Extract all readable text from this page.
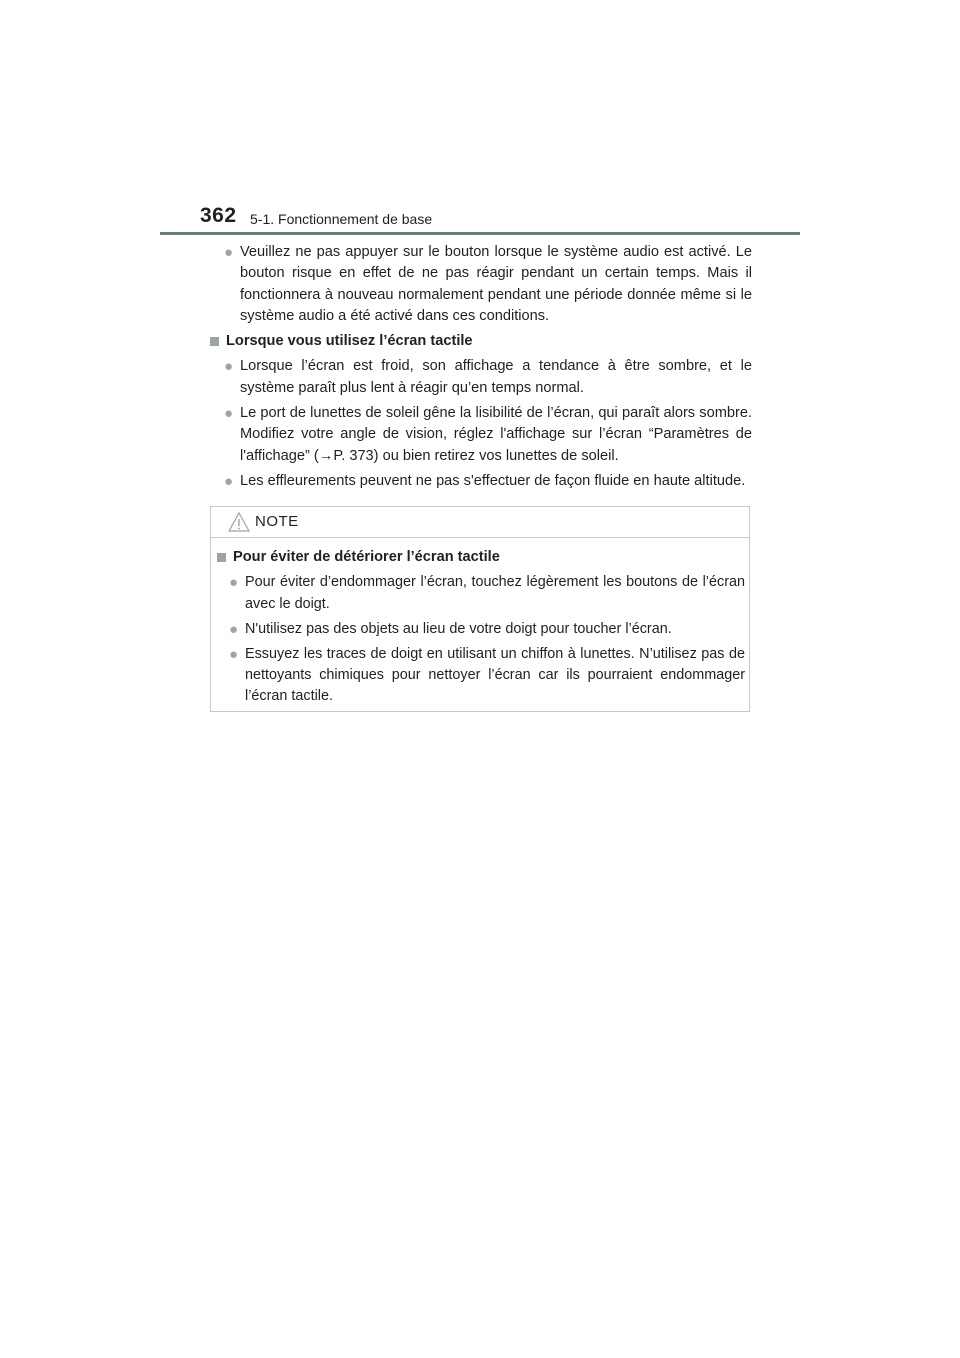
362 5-1. Fonctionnement de base
● Veuillez ne pas appuyer sur le bouton lorsque le système audio est activé. Le bouton risque en effet de ne pas réagir pendant un certain temps. Mais il fonctionnera à nouveau normalement pendant une période donnée même si le système audio a été activé dans ces conditions.
Lorsque vous utilisez l’écran tactile
● Lorsque l’écran est froid, son affichage a tendance à être sombre, et le système paraît plus lent à réagir qu’en temps normal.
● Le port de lunettes de soleil gêne la lisibilité de l’écran, qui paraît alors sombre. Modifiez votre angle de vision, réglez l'affichage sur l’écran “Paramètres de l'affichage” (→P. 373) ou bien retirez vos lunettes de soleil.
● Les effleurements peuvent ne pas s'effectuer de façon fluide en haute altitude.
NOTE
Pour éviter de détériorer l’écran tactile
● Pour éviter d’endommager l’écran, touchez légèrement les boutons de l’écran avec le doigt.
● N'utilisez pas des objets au lieu de votre doigt pour toucher l’écran.
● Essuyez les traces de doigt en utilisant un chiffon à lunettes. N’utilisez pas de nettoyants chimiques pour nettoyer l’écran car ils pourraient endommager l’écran tactile.
